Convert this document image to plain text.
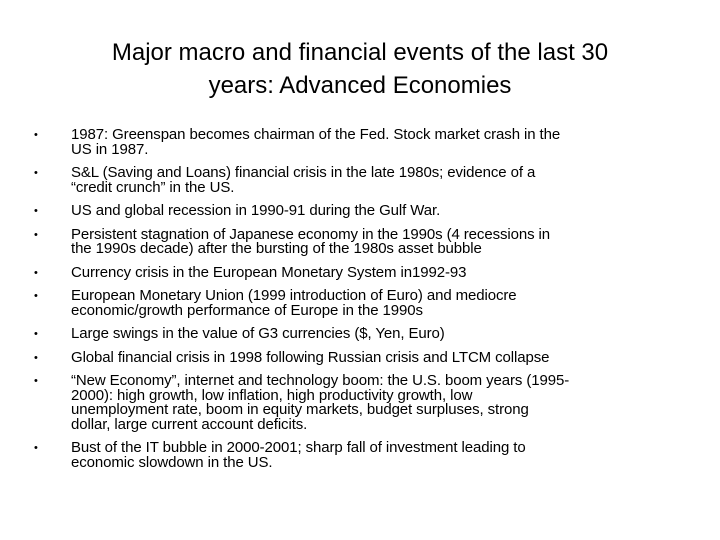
Major macro and financial events of the last 30
years: Advanced Economies
•	1987: Greenspan becomes chairman of the Fed. Stock market crash in the
US in 1987.
•	S&L (Saving and Loans) financial crisis in the late 1980s; evidence of a
“credit crunch” in the US.
•	US and global recession in 1990-91 during the Gulf War.
•	Persistent stagnation of Japanese economy in the 1990s (4 recessions in
the 1990s decade) after the bursting of the 1980s asset bubble
•	Currency crisis in the European Monetary System in1992-93
•	European Monetary Union (1999 introduction of Euro) and mediocre
economic/growth performance of Europe in the 1990s
•	Large swings in the value of G3 currencies ($, Yen, Euro)
•	Global financial crisis in 1998 following Russian crisis and LTCM collapse
•	“New Economy”, internet and technology boom: the U.S. boom years (1995-
2000): high growth, low inflation, high productivity growth, low
unemployment rate, boom in equity markets, budget surpluses, strong
dollar, large current account deficits.
•	Bust of the IT bubble in 2000-2001; sharp fall of investment leading to
economic slowdown in the US.
